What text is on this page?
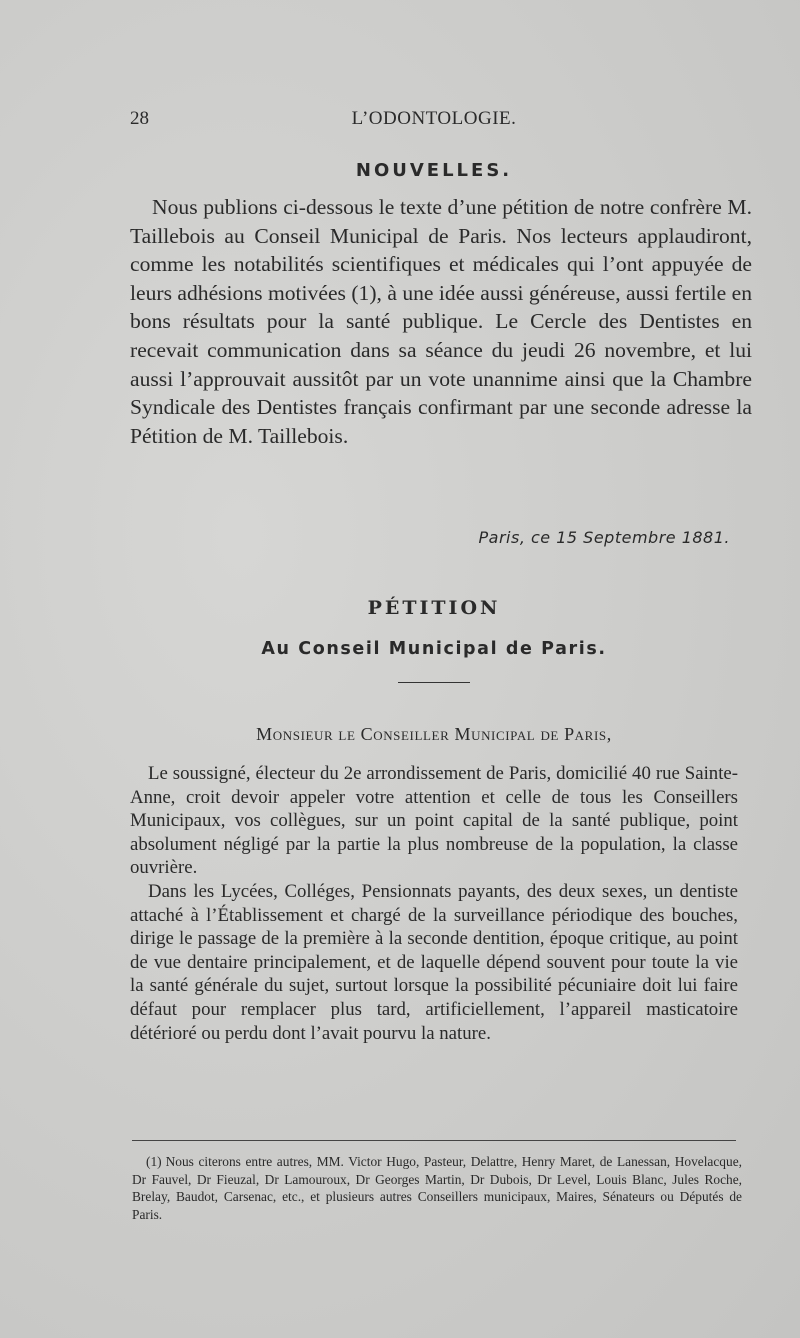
28	L’ODONTOLOGIE.
NOUVELLES.

Nous publions ci-dessous le texte d’une pétition de notre confrère M. Taillebois au Conseil Municipal de Paris. Nos lecteurs applaudiront, comme les notabilités scientifiques et médicales qui l’ont appuyée de leurs adhésions motivées (1), à une idée aussi généreuse, aussi fertile en bons résultats pour la santé publique. Le Cercle des Dentistes en recevait communication dans sa séance du jeudi 26 novembre, et lui aussi l’approuvait aussitôt par un vote unannime ainsi que la Chambre Syndicale des Dentistes français confirmant par une seconde adresse la Pétition de M. Taillebois.

Paris, ce 15 Septembre 1881.
PÉTITION
Au Conseil Municipal de Paris.
Monsieur le Conseiller Municipal de Paris,

Le soussigné, électeur du 2e arrondissement de Paris, domicilié 40 rue Sainte-Anne, croit devoir appeler votre attention et celle de tous les Conseillers Municipaux, vos collègues, sur un point capital de la santé publique, point absolument négligé par la partie la plus nombreuse de la population, la classe ouvrière.

Dans les Lycées, Colléges, Pensionnats payants, des deux sexes, un dentiste attaché à l’Établissement et chargé de la surveillance périodique des bouches, dirige le passage de la première à la seconde dentition, époque critique, au point de vue dentaire principalement, et de laquelle dépend souvent pour toute la vie la santé générale du sujet, surtout lorsque la possibilité pécuniaire doit lui faire défaut pour remplacer plus tard, artificiellement, l’appareil masticatoire détérioré ou perdu dont l’avait pourvu la nature.

(1) Nous citerons entre autres, MM. Victor Hugo, Pasteur, Delattre, Henry Maret, de Lanessan, Hovelacque, Dr Fauvel, Dr Fieuzal, Dr Lamouroux, Dr Georges Martin, Dr Dubois, Dr Level, Louis Blanc, Jules Roche, Brelay, Baudot, Carsenac, etc., et plusieurs autres Conseillers municipaux, Maires, Sénateurs ou Députés de Paris.
